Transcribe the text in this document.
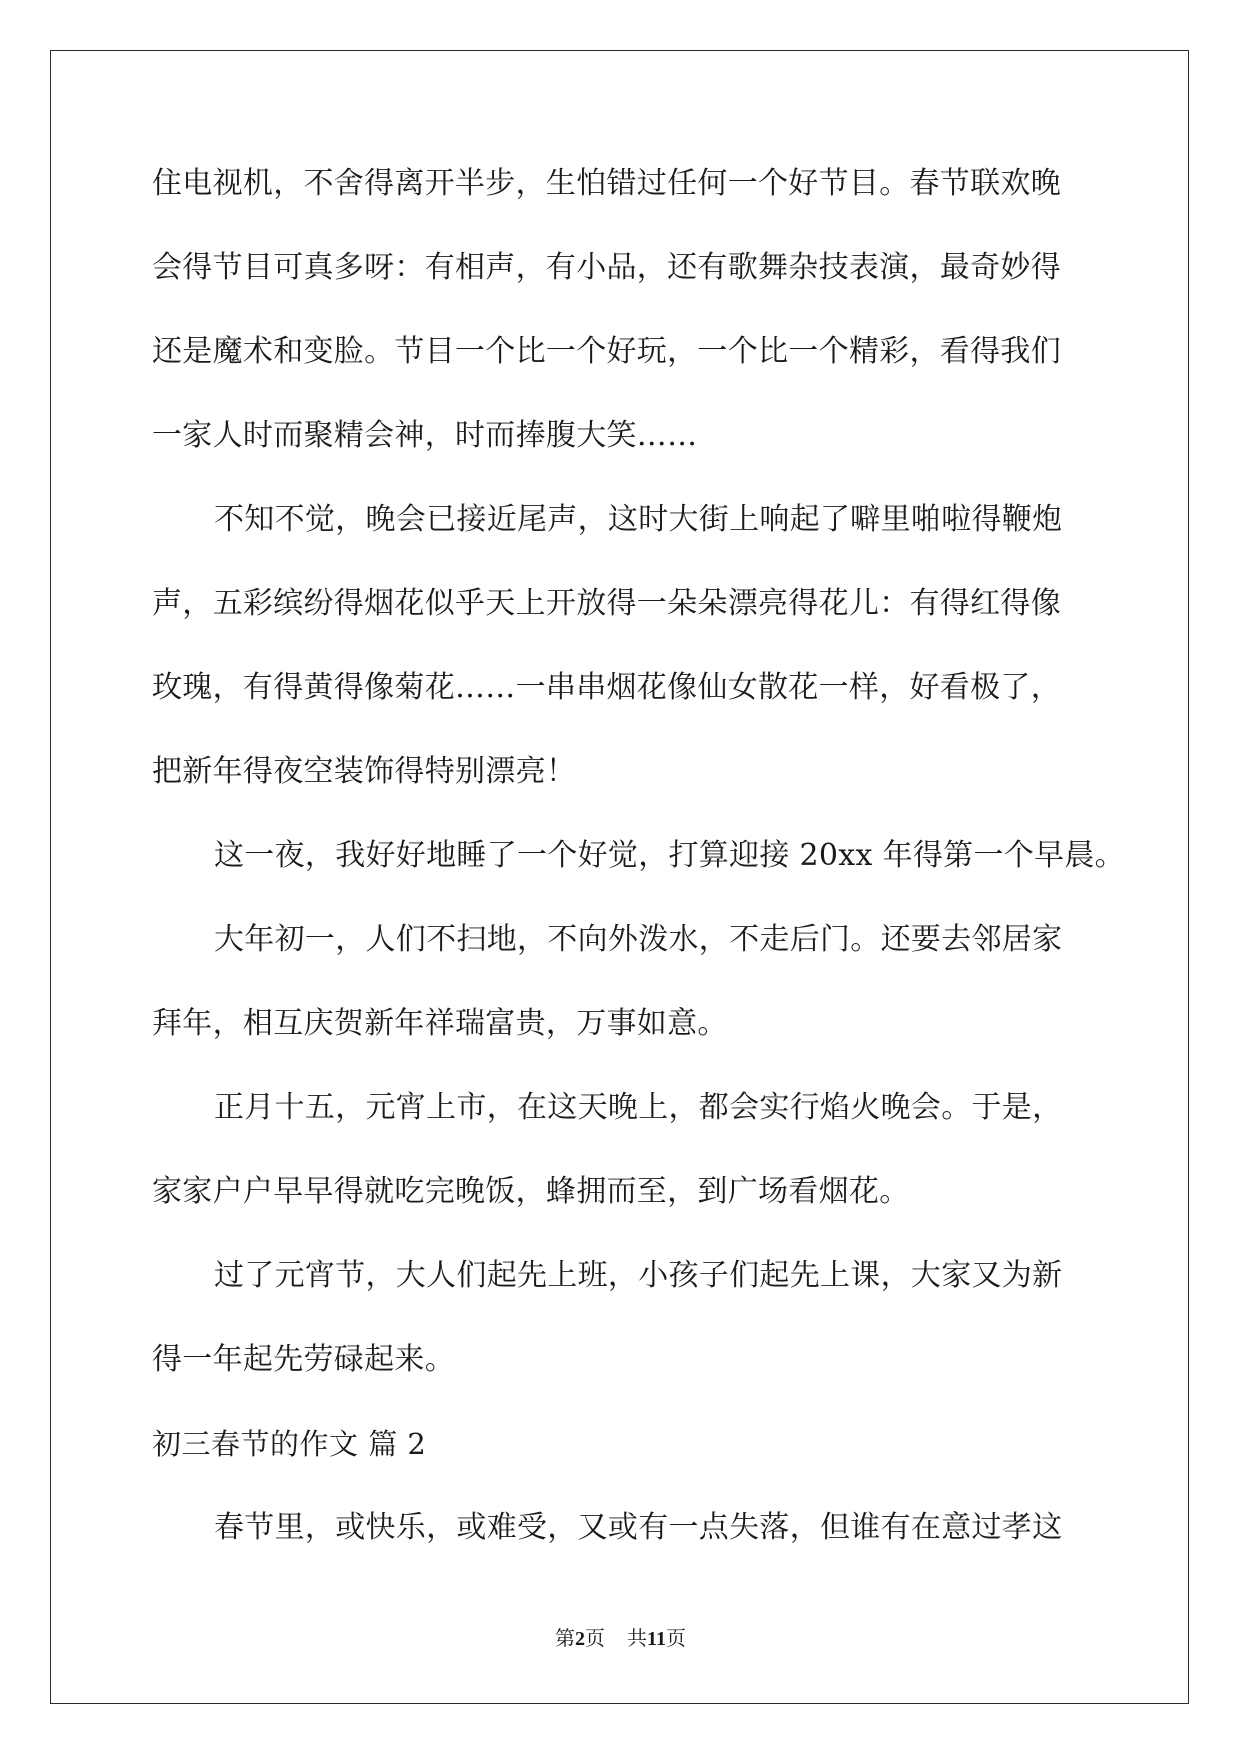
住电视机，不舍得离开半步，生怕错过任何一个好节目。春节联欢晚
会得节目可真多呀：有相声，有小品，还有歌舞杂技表演，最奇妙得
还是魔术和变脸。节目一个比一个好玩，一个比一个精彩，看得我们
一家人时而聚精会神，时而捧腹大笑……
不知不觉，晚会已接近尾声，这时大街上响起了噼里啪啦得鞭炮
声，五彩缤纷得烟花似乎天上开放得一朵朵漂亮得花儿：有得红得像
玫瑰，有得黄得像菊花……一串串烟花像仙女散花一样，好看极了，
把新年得夜空装饰得特别漂亮！
这一夜，我好好地睡了一个好觉，打算迎接 20xx 年得第一个早晨。
大年初一，人们不扫地，不向外泼水，不走后门。还要去邻居家
拜年，相互庆贺新年祥瑞富贵，万事如意。
正月十五，元宵上市，在这天晚上，都会实行焰火晚会。于是，
家家户户早早得就吃完晚饭，蜂拥而至，到广场看烟花。
过了元宵节，大人们起先上班，小孩子们起先上课，大家又为新
得一年起先劳碌起来。
初三春节的作文 篇 2
春节里，或快乐，或难受，又或有一点失落，但谁有在意过孝这
第2页 共11页
